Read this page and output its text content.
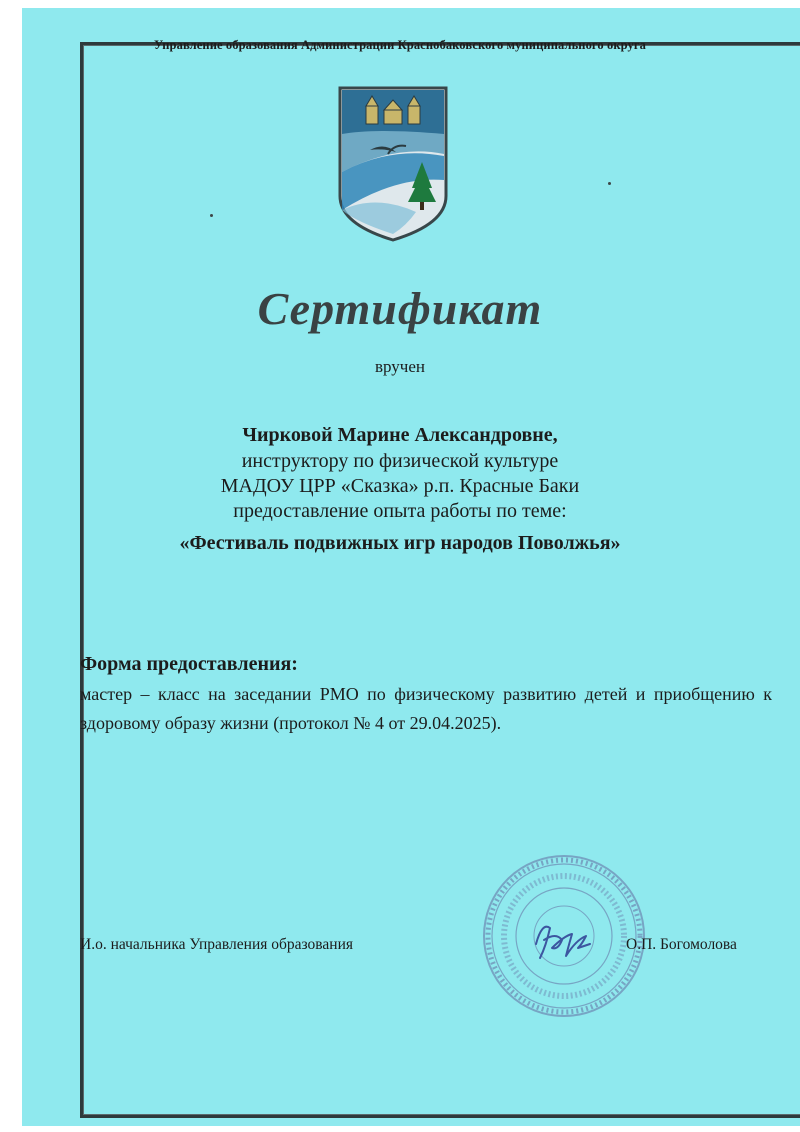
Управление образования Администрации Краснобаковского муниципального округа
Сертификат
вручен
Чирковой Марине Александровне,
инструктору по физической культуре
МАДОУ ЦРР «Сказка» р.п. Красные Баки
предоставление опыта работы по теме:
«Фестиваль подвижных игр народов Поволжья»
Форма предоставления:
мастер – класс на заседании РМО по физическому развитию детей и приобщению к здоровому образу жизни (протокол № 4 от 29.04.2025).
И.о. начальника Управления образования	О.П. Богомолова
